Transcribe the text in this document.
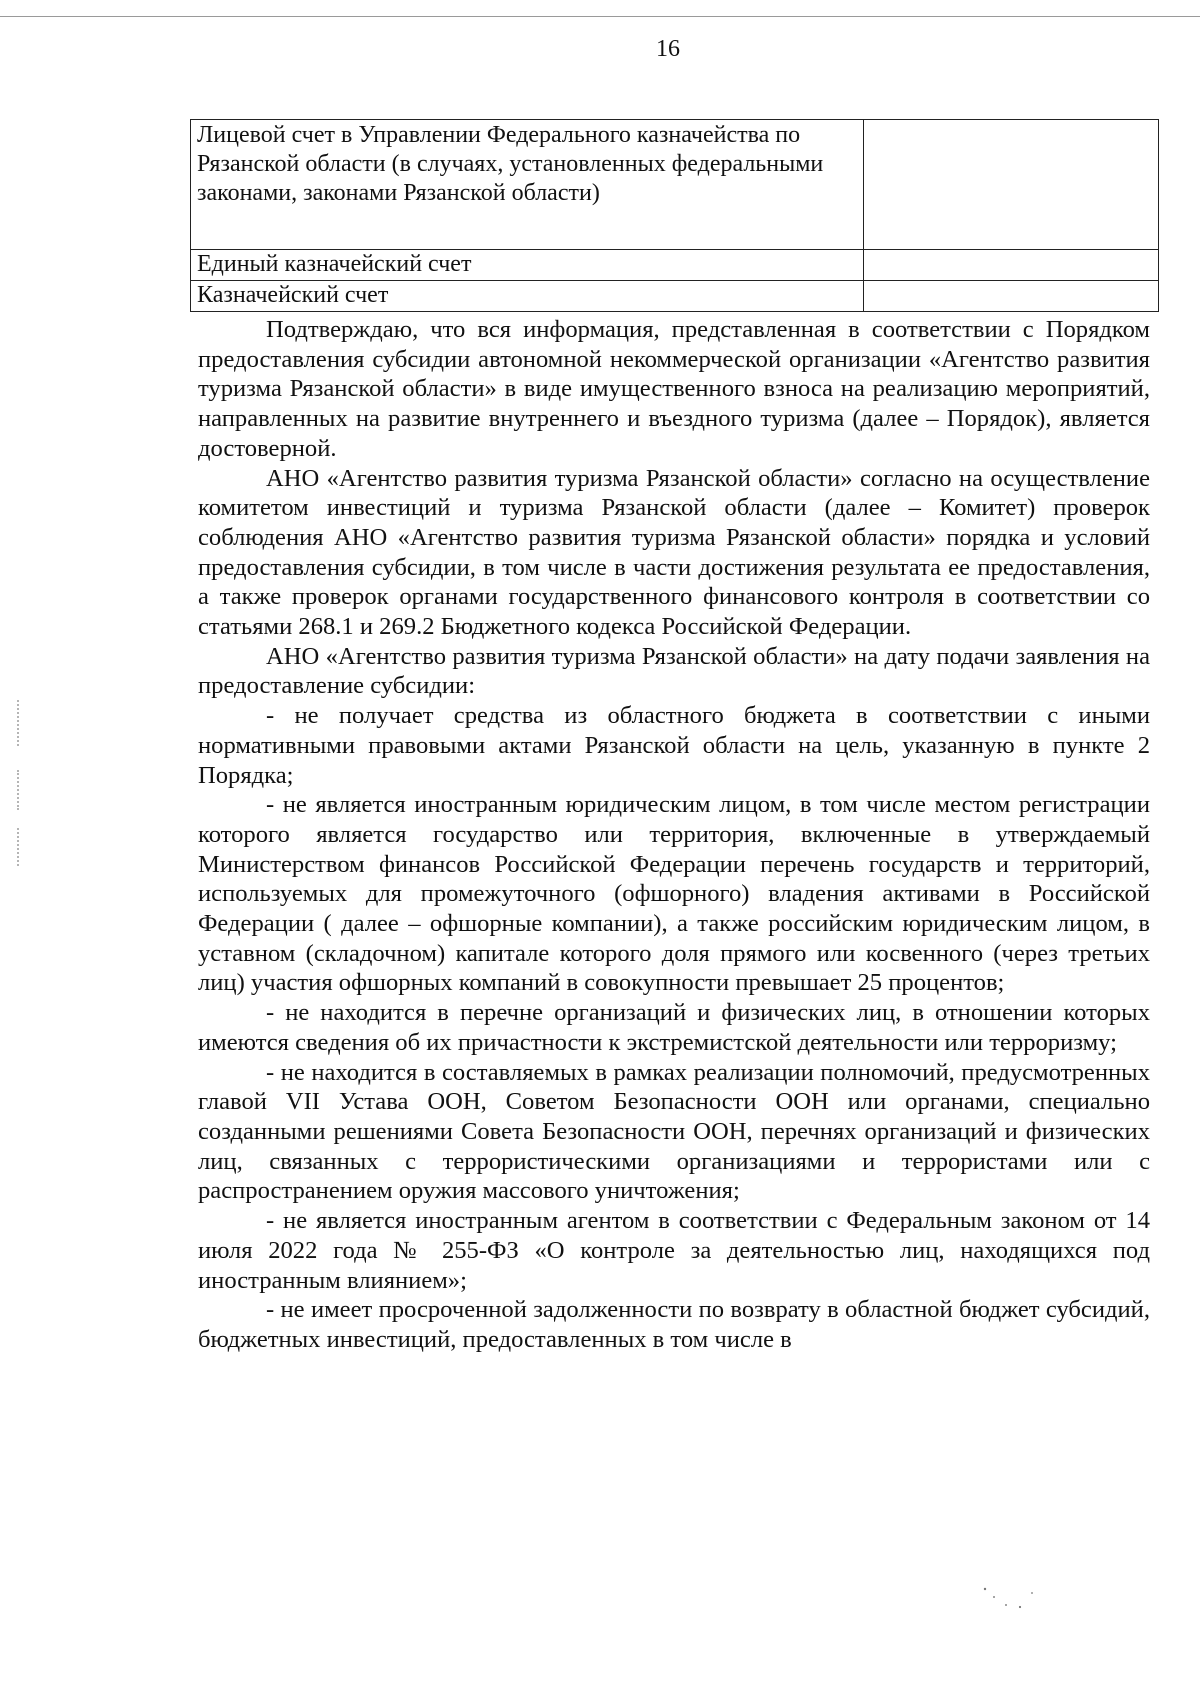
16
Лицевой счет в Управлении Федерального казначейства по Рязанской области (в случаях, установленных федеральными законами, законами Рязанской области)	
Единый казначейский счет	
Казначейский счет	

Подтверждаю, что вся информация, представленная в соответствии с Порядком предоставления субсидии автономной некоммерческой организации «Агентство развития туризма Рязанской области» в виде имущественного взноса на реализацию мероприятий, направленных на развитие внутреннего и въездного туризма (далее – Порядок), является достоверной.

АНО «Агентство развития туризма Рязанской области» согласно на осуществление комитетом инвестиций и туризма Рязанской области (далее – Комитет) проверок соблюдения АНО «Агентство развития туризма Рязанской области» порядка и условий предоставления субсидии, в том числе в части достижения результата ее предоставления, а также проверок органами государственного финансового контроля в соответствии со статьями 268.1 и 269.2 Бюджетного кодекса Российской Федерации.

АНО «Агентство развития туризма Рязанской области» на дату подачи заявления на предоставление субсидии:

- не получает средства из областного бюджета в соответствии с иными нормативными правовыми актами Рязанской области на цель, указанную в пункте 2 Порядка;

- не является иностранным юридическим лицом, в том числе местом регистрации которого является государство или территория, включенные в утверждаемый Министерством финансов Российской Федерации перечень государств и территорий, используемых для промежуточного (офшорного) владения активами в Российской Федерации ( далее – офшорные компании), а также российским юридическим лицом, в уставном (складочном) капитале которого доля прямого или косвенного (через третьих лиц) участия офшорных компаний в совокупности превышает 25 процентов;

- не находится в перечне организаций и физических лиц, в отношении которых имеются сведения об их причастности к экстремистской деятельности или терроризму;

- не находится в составляемых в рамках реализации полномочий, предусмотренных главой VII Устава ООН, Советом Безопасности ООН или органами, специально созданными решениями Совета Безопасности ООН, перечнях организаций и физических лиц, связанных с террористическими организациями и террористами или с распространением оружия массового уничтожения;

- не является иностранным агентом в соответствии с Федеральным законом от 14 июля 2022 года № 255-ФЗ «О контроле за деятельностью лиц, находящихся под иностранным влиянием»;

- не имеет просроченной задолженности по возврату в областной бюджет субсидий, бюджетных инвестиций, предоставленных в том числе в
